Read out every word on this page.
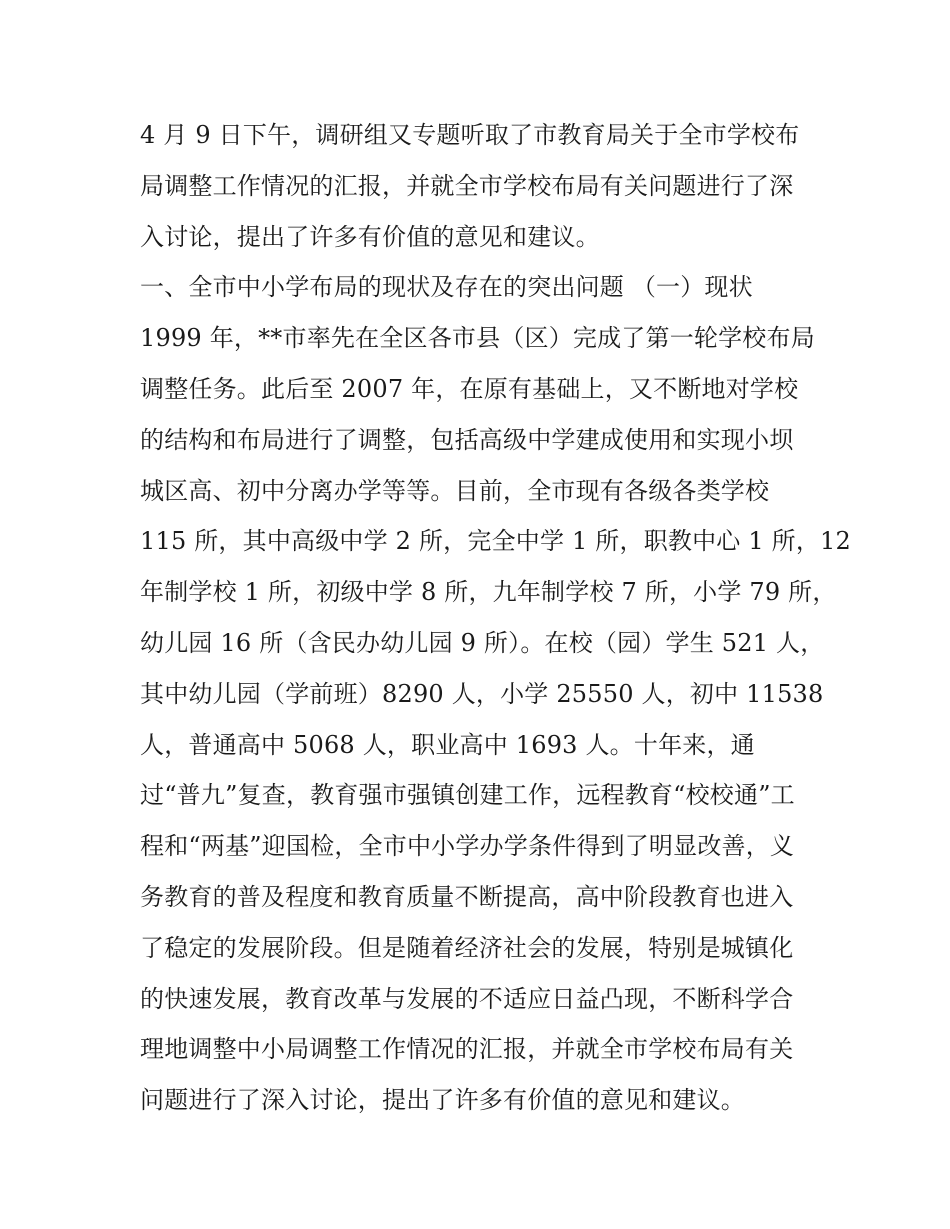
4 月 9 日下午，调研组又专题听取了市教育局关于全市学校布
局调整工作情况的汇报，并就全市学校布局有关问题进行了深
入讨论，提出了许多有价值的意见和建议。
一、全市中小学布局的现状及存在的突出问题 （一）现状
1999 年，**市率先在全区各市县（区）完成了第一轮学校布局
调整任务。此后至 2007 年，在原有基础上，又不断地对学校
的结构和布局进行了调整，包括高级中学建成使用和实现小坝
城区高、初中分离办学等等。目前，全市现有各级各类学校
115 所，其中高级中学 2 所，完全中学 1 所，职教中心 1 所，12
年制学校 1 所，初级中学 8 所，九年制学校 7 所，小学 79 所，
幼儿园 16 所（含民办幼儿园 9 所）。在校（园）学生 521 人，
其中幼儿园（学前班）8290 人，小学 25550 人，初中 11538
人，普通高中 5068 人，职业高中 1693 人。十年来，通
过“普九”复查，教育强市强镇创建工作，远程教育“校校通”工
程和“两基”迎国检，全市中小学办学条件得到了明显改善，义
务教育的普及程度和教育质量不断提高，高中阶段教育也进入
了稳定的发展阶段。但是随着经济社会的发展，特别是城镇化
的快速发展，教育改革与发展的不适应日益凸现，不断科学合
理地调整中小局调整工作情况的汇报，并就全市学校布局有关
问题进行了深入讨论，提出了许多有价值的意见和建议。
